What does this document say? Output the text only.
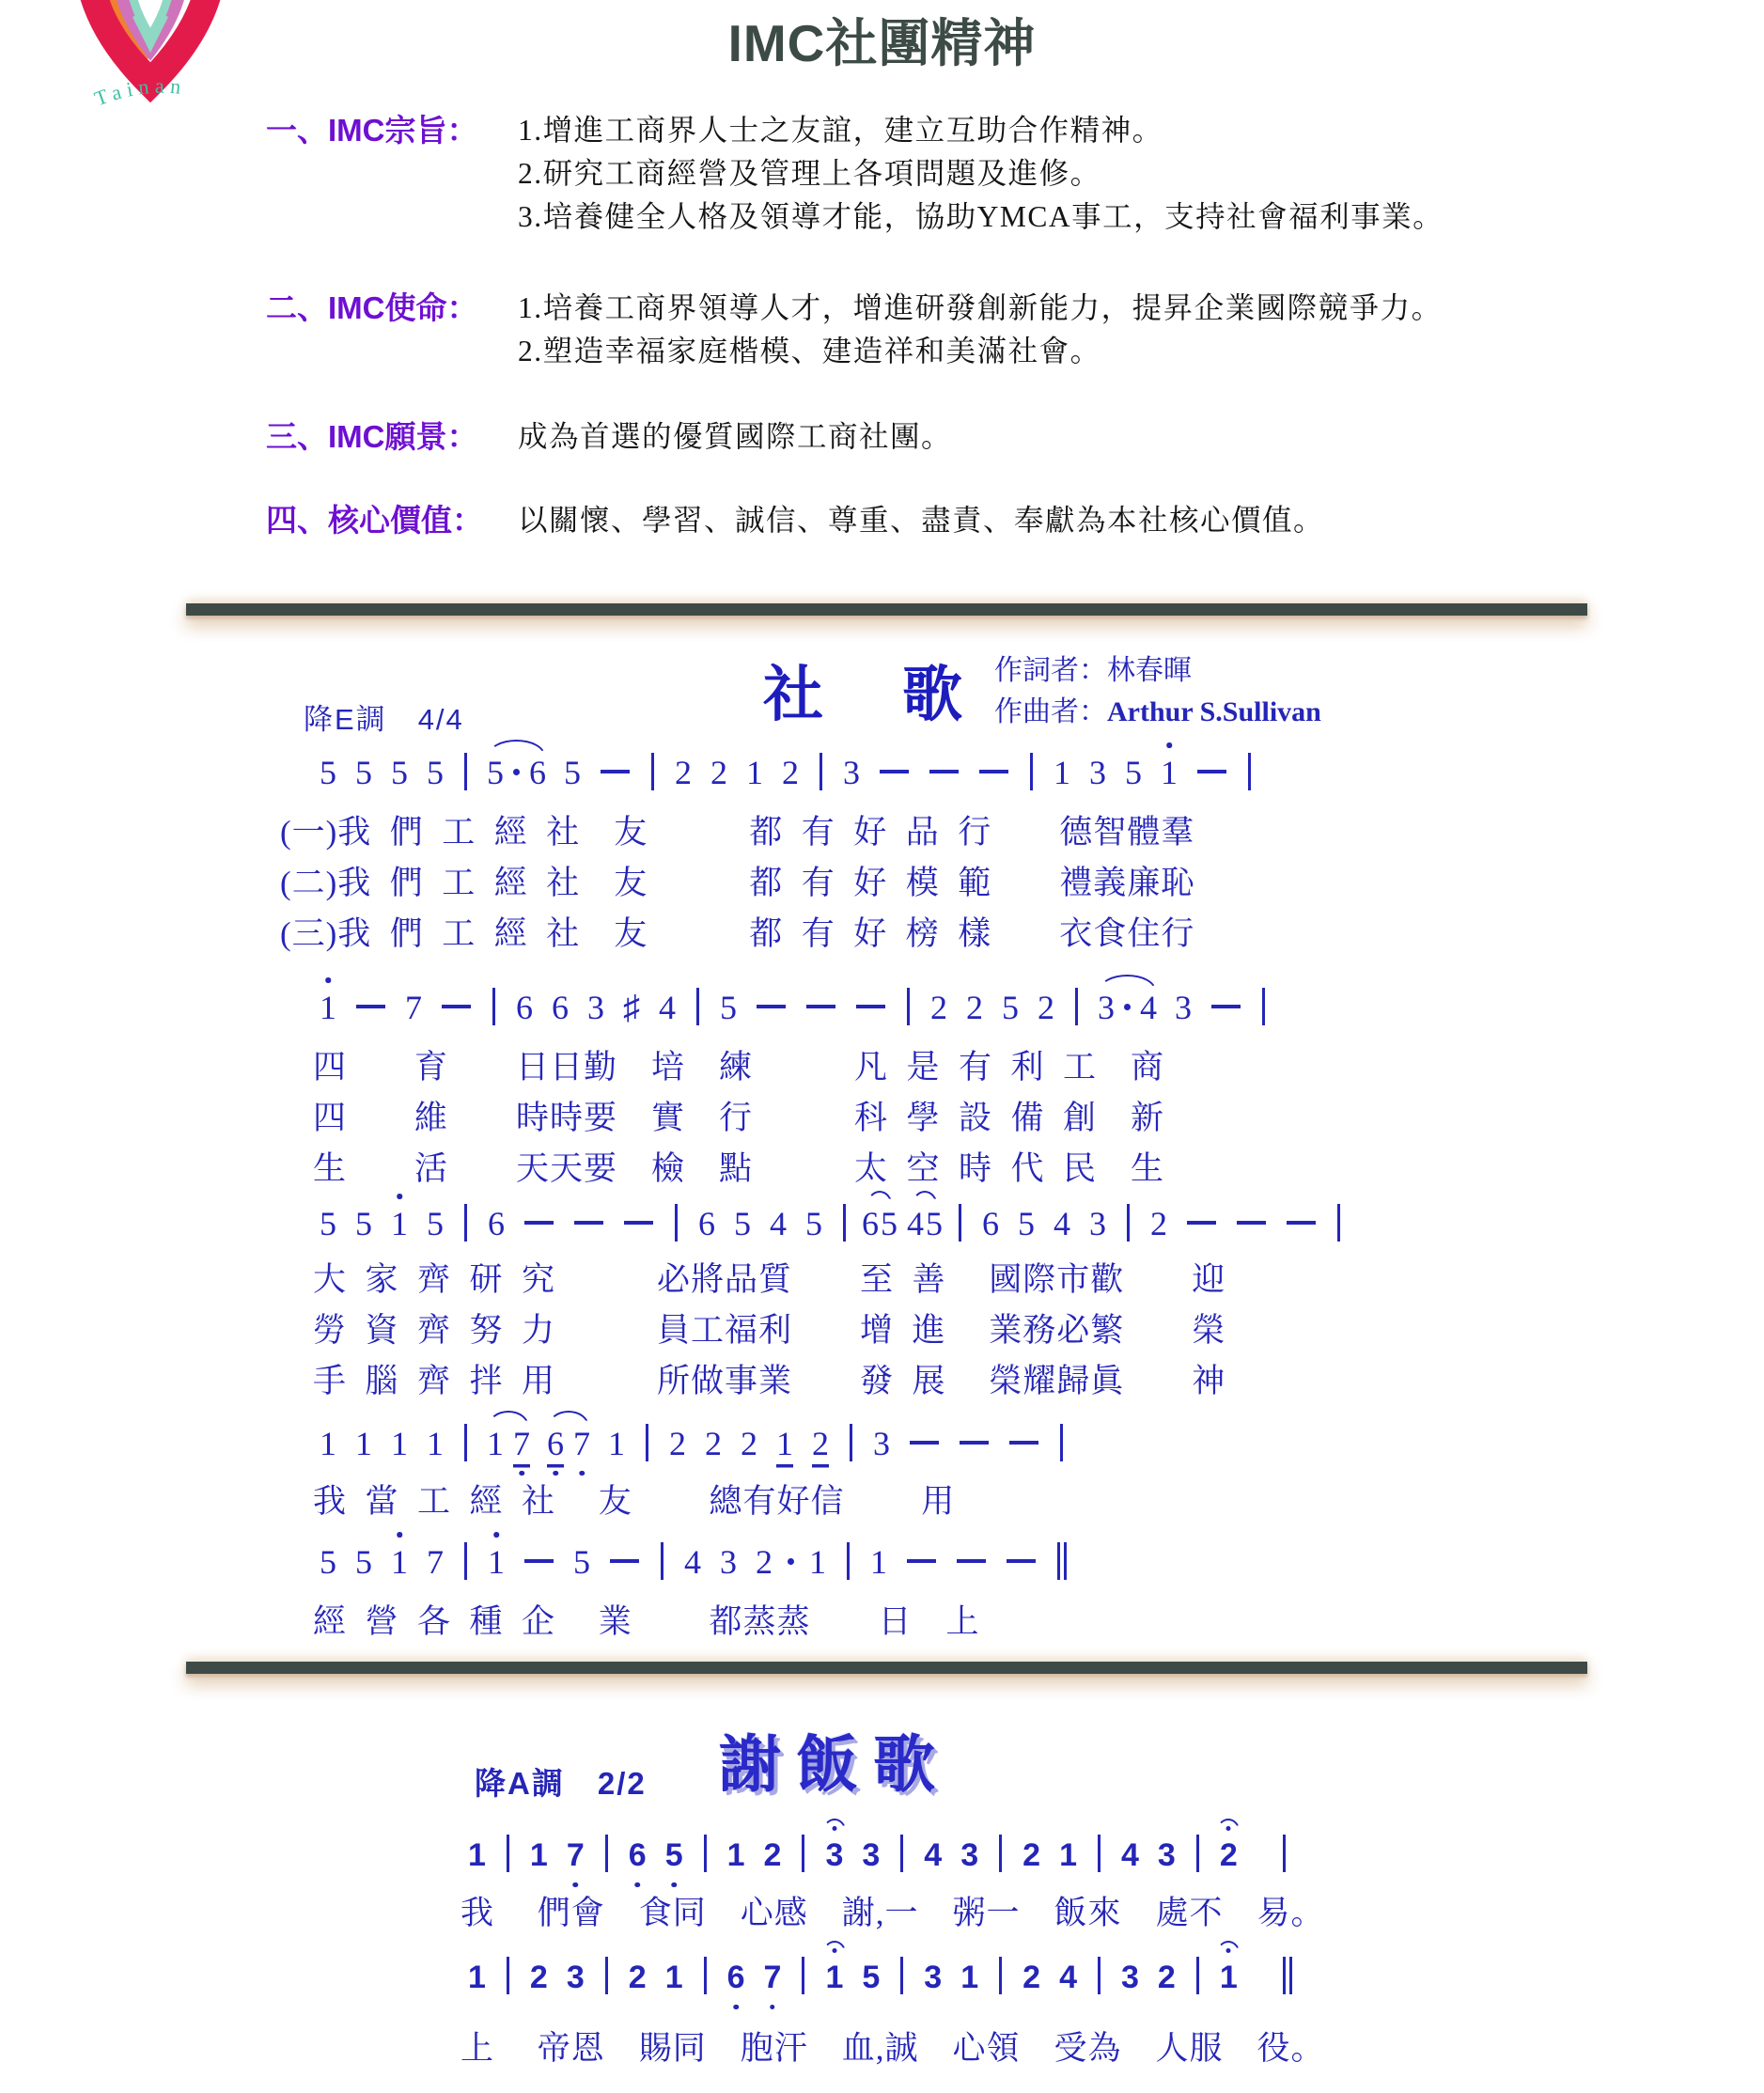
Tainan
IMC社團精神
一、IMC宗旨：	1.增進工商界人士之友誼，建立互助合作精神。
2.研究工商經營及管理上各項問題及進修。
3.培養健全人格及領導才能，協助YMCA事工，支持社會福利事業。
二、IMC使命：	1.培養工商界領導人才，增進研發創新能力，提昇企業國際競爭力。
2.塑造幸福家庭楷模、建造祥和美滿社會。
三、IMC願景：	成為首選的優質國際工商社團。
四、核心價值：	以關懷、學習、誠信、尊重、盡責、奉獻為本社核心價值。
降E調　 4/4	社　歌 作詞者：林春暉
作曲者：Arthur S.Sullivan
5 5 5 5 5 6 5	2 2 1 2 3	1 3 5 1
(一)我  們  工  經  社　友　　　都  有  好  品  行　　德智體羣
(二)我  們  工  經  社　友　　　都  有  好  模  範　　禮義廉恥
(三)我  們  工  經  社　友　　　都  有  好  榜  樣　　衣食住行
1 7	6 6 3 ♯ 4 5	2 2 5 2 3 4 3
四　　育　　日日勤　培　練　　　凡  是  有  利  工　商
四　　維　　時時要　實　行　　　科  學  設  備  創　新
生　　活　　天天要　檢　點　　　太  空  時  代  民　生
5 5 1 5 6	6 5 4 5 65 45 6 5 4 3 2
大  家  齊  研  究　　　必將品質　　至  善　 國際市歡　　迎
勞  資  齊  努  力　　　員工福利　　增  進　 業務必繁　　榮
手  腦  齊  拌  用　　　所做事業　　發  展　 榮耀歸眞　　神
1 1 1 1 1 7 6 7 1 2 2 2 1 2 3
我  當  工  經  社　 友　　 總有好信　　 用
5 5 1 7 1 5	4 3 2 1 1
經  營  各  種  企　 業　　 都蒸蒸　　日　上
降A調　 2/2 謝飯歌
1 1 7 6 5 1 2 3 3 4 3 2 1 4 3 2
我　 們會　食同　心感　謝,一　粥一　飯來　處不　易。
1 2 3 2 1 6 7 1 5 3 1 2 4 3 2 1
上　 帝恩　賜同　胞汗　血,誠　心領　受為　人服　役。
